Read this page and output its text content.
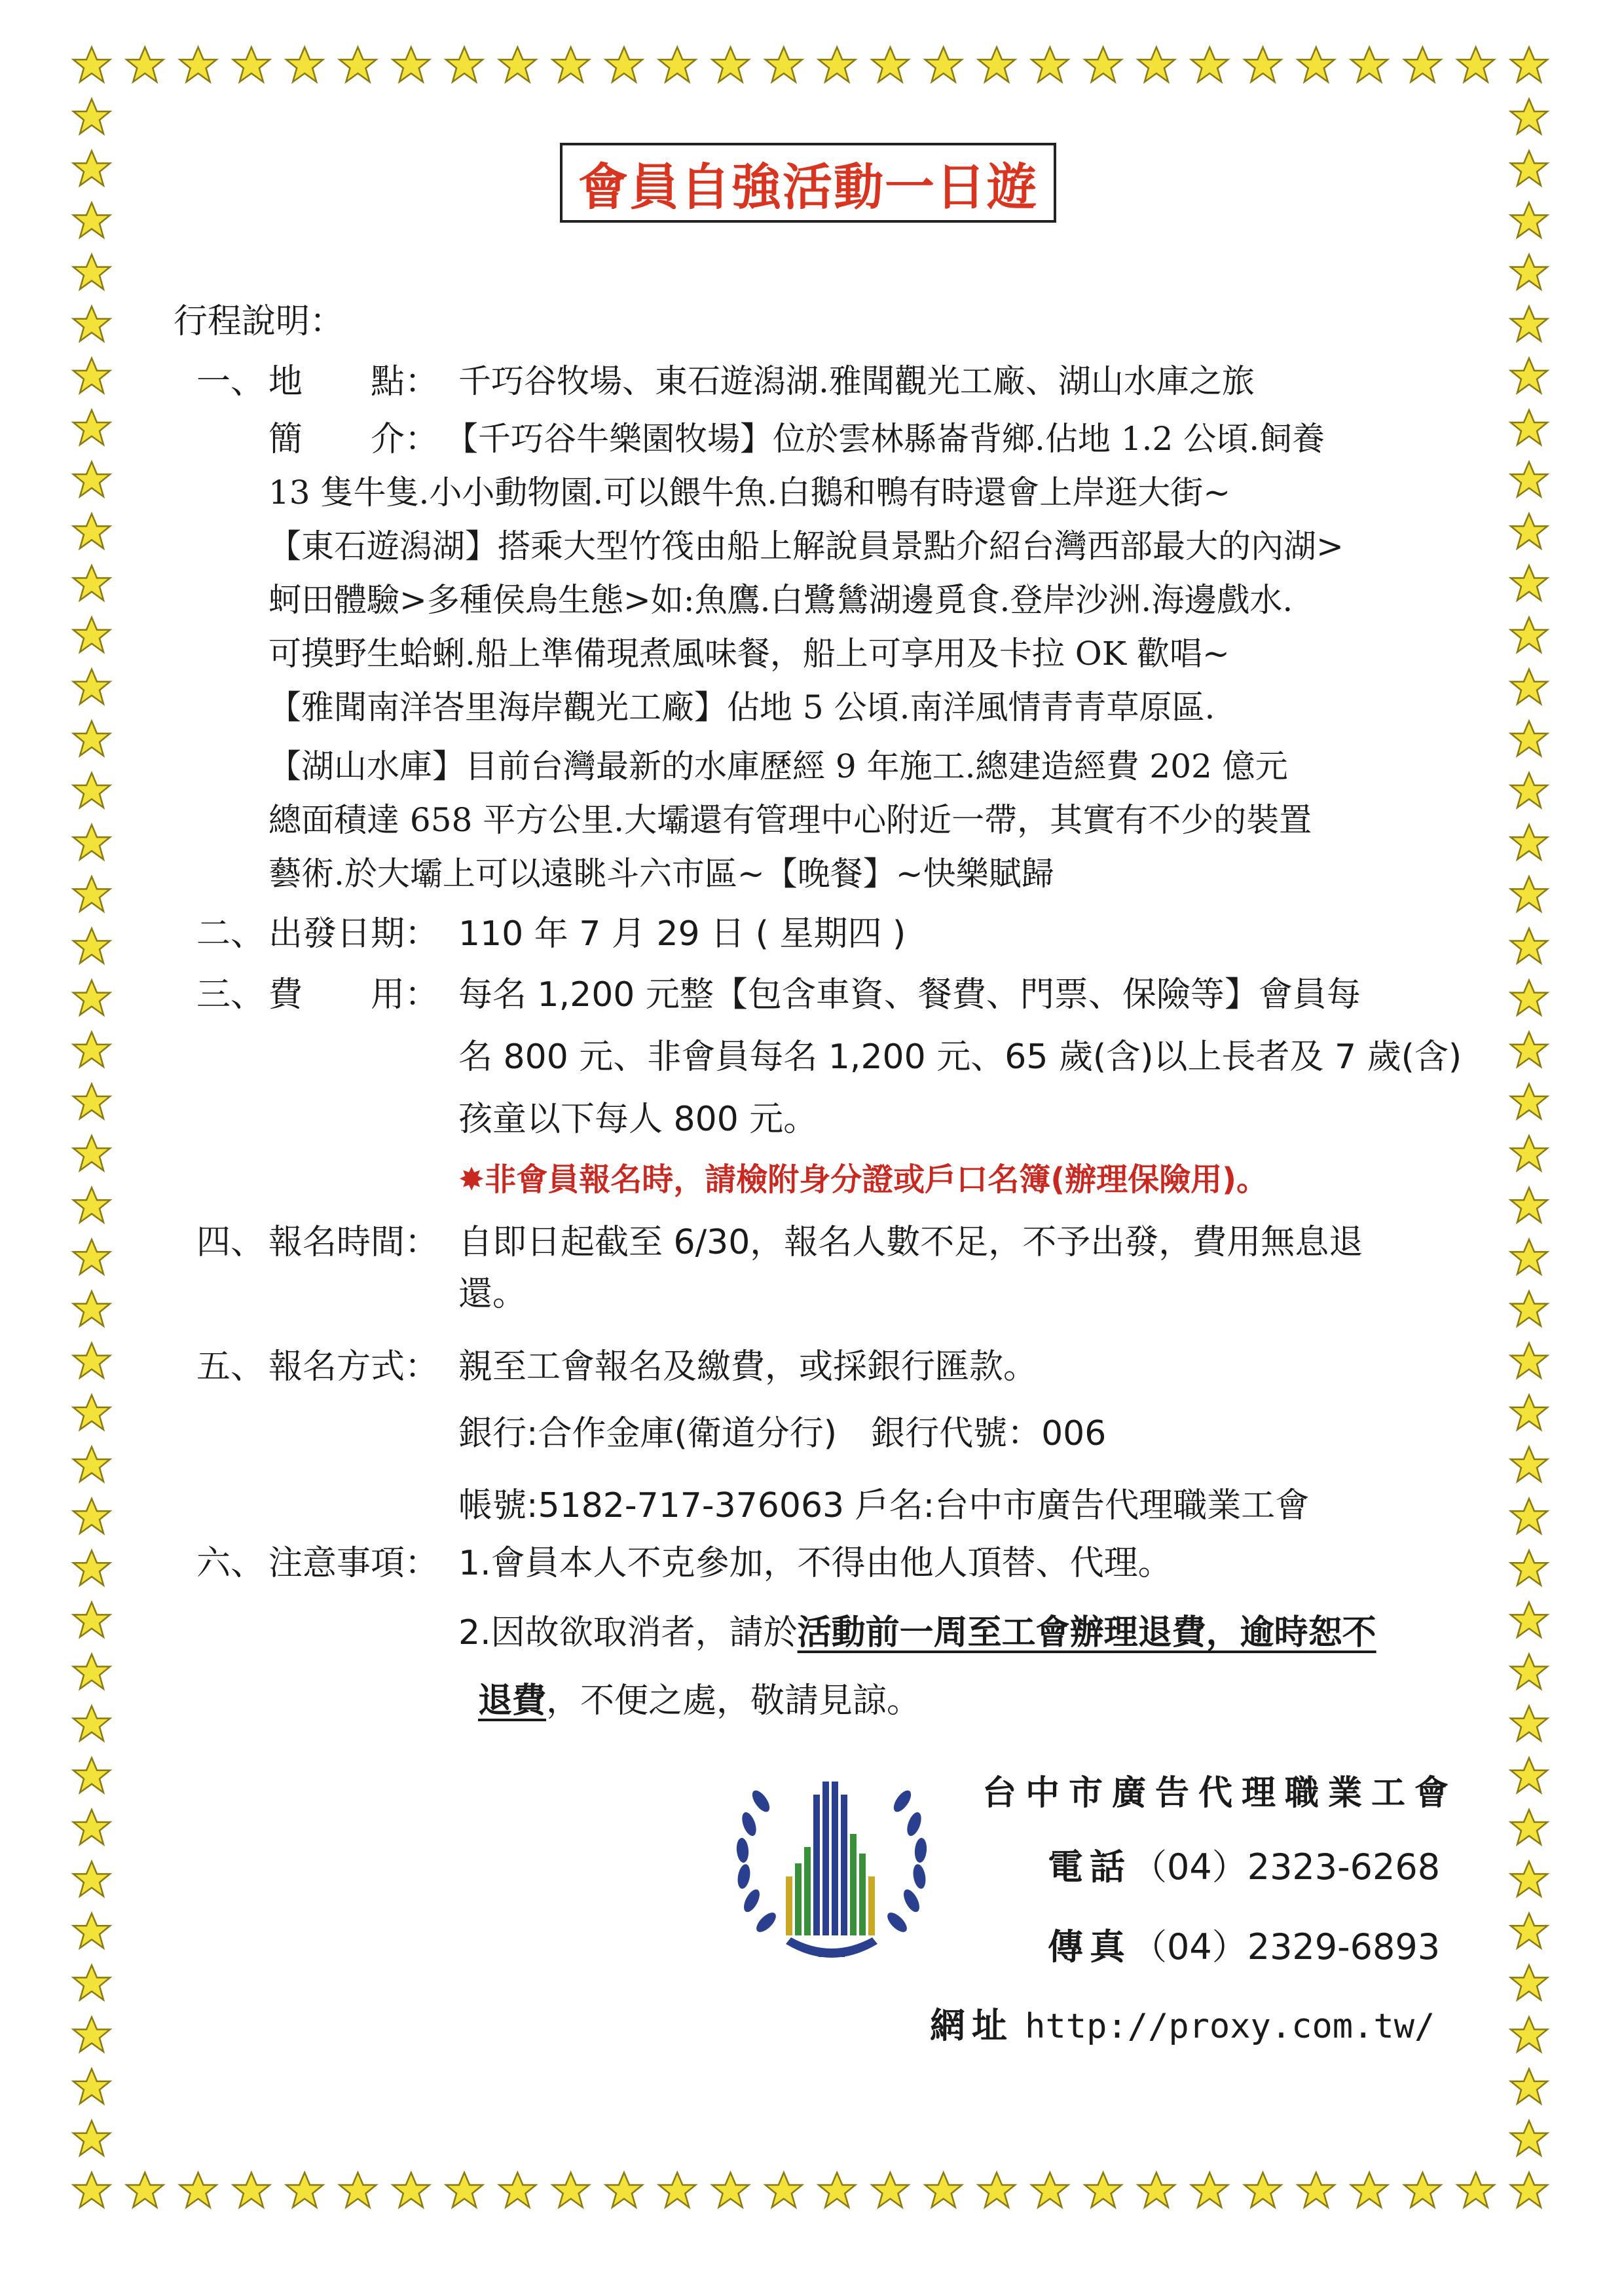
會員自強活動一日遊
行程說明：
一、 地　　點： 千巧谷牧場、東石遊潟湖.雅聞觀光工廠、湖山水庫之旅
簡　　介： 【千巧谷牛樂園牧場】位於雲林縣崙背鄉.佔地 1.2 公頃.飼養
13 隻牛隻.小小動物園.可以餵牛魚.白鵝和鴨有時還會上岸逛大街~
【東石遊潟湖】搭乘大型竹筏由船上解說員景點介紹台灣西部最大的內湖>
蚵田體驗>多種侯鳥生態>如:魚鷹.白鷺鷥湖邊覓食.登岸沙洲.海邊戲水.
可摸野生蛤蜊.船上準備現煮風味餐，船上可享用及卡拉 OK 歡唱~
【雅聞南洋峇里海岸觀光工廠】佔地 5 公頃.南洋風情青青草原區.
【湖山水庫】目前台灣最新的水庫歷經 9 年施工.總建造經費 202 億元
總面積達 658 平方公里.大壩還有管理中心附近一帶，其實有不少的裝置
藝術.於大壩上可以遠眺斗六市區~【晚餐】~快樂賦歸
二、 出發日期： 110 年 7 月 29 日 ( 星期四 )
三、 費　　用： 每名 1,200 元整【包含車資、餐費、門票、保險等】會員每
名 800 元、非會員每名 1,200 元、65 歲(含)以上長者及 7 歲(含)
孩童以下每人 800 元。
✸非會員報名時，請檢附身分證或戶口名簿(辦理保險用)。
四、 報名時間： 自即日起截至 6/30，報名人數不足，不予出發，費用無息退
還。
五、 報名方式： 親至工會報名及繳費，或採銀行匯款。
銀行:合作金庫(衛道分行)　銀行代號：006
帳號:5182-717-376063 戶名:台中市廣告代理職業工會
六、 注意事項： 1.會員本人不克參加，不得由他人頂替、代理。
2.因故欲取消者，請於活動前一周至工會辦理退費，逾時恕不
退費，不便之處，敬請見諒。
台中市廣告代理職業工會
電話（04）2323-6268
傳真（04）2329-6893
網址 http://proxy.com.tw/
